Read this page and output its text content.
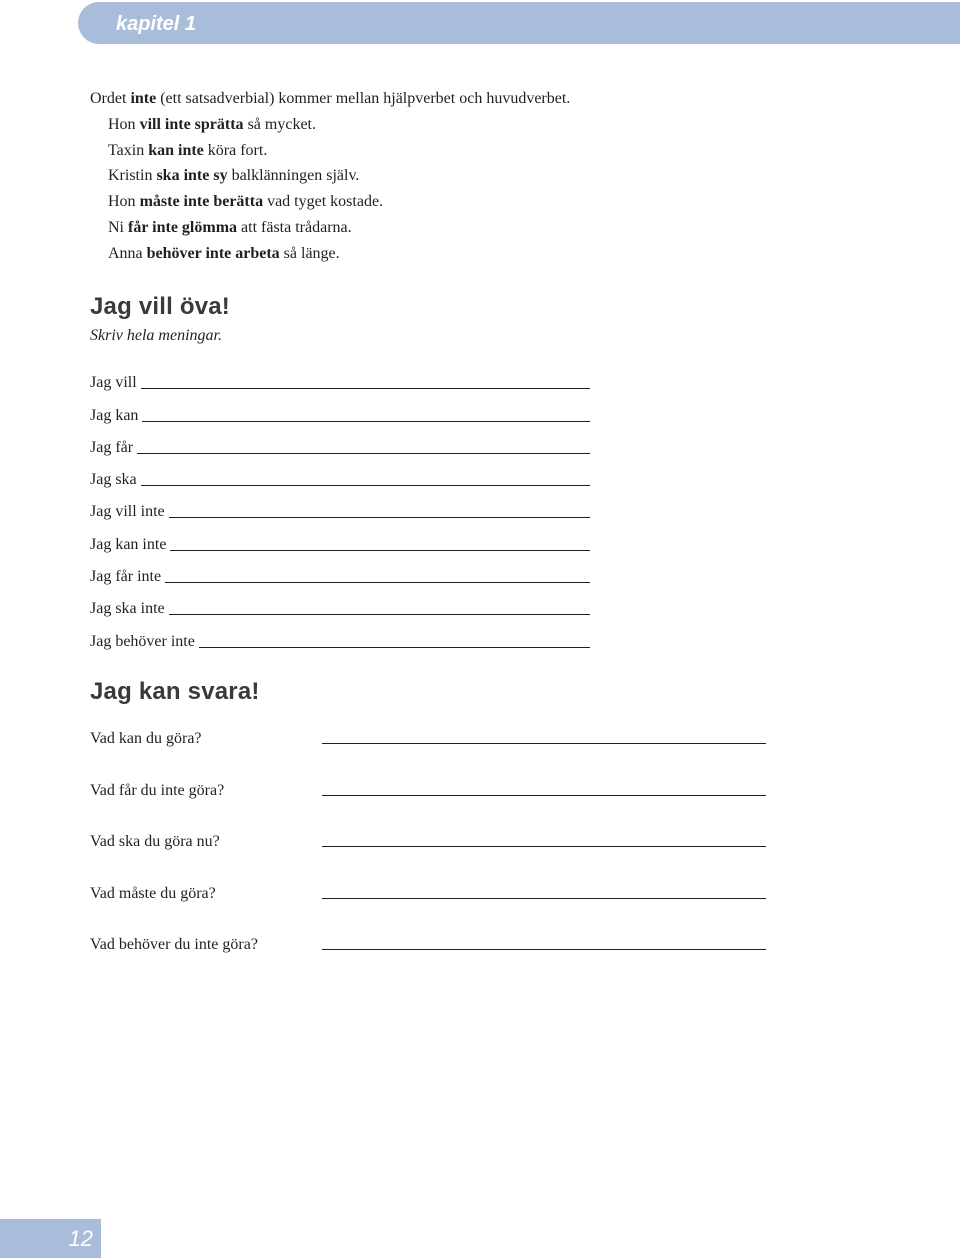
kapitel 1

Ordet inte (ett satsadverbial) kommer mellan hjälpverbet och huvudverbet.

Hon vill inte sprätta så mycket.
Taxin kan inte köra fort.
Kristin ska inte sy balklänningen själv.
Hon måste inte berätta vad tyget kostade.
Ni får inte glömma att fästa trådarna.
Anna behöver inte arbeta så länge.
Jag vill öva!
Skriv hela meningar.
Jag vill
Jag kan
Jag får
Jag ska
Jag vill inte
Jag kan inte
Jag får inte
Jag ska inte
Jag behöver inte
Jag kan svara!
Vad kan du göra?
Vad får du inte göra?
Vad ska du göra nu?
Vad måste du göra?
Vad behöver du inte göra?
12
